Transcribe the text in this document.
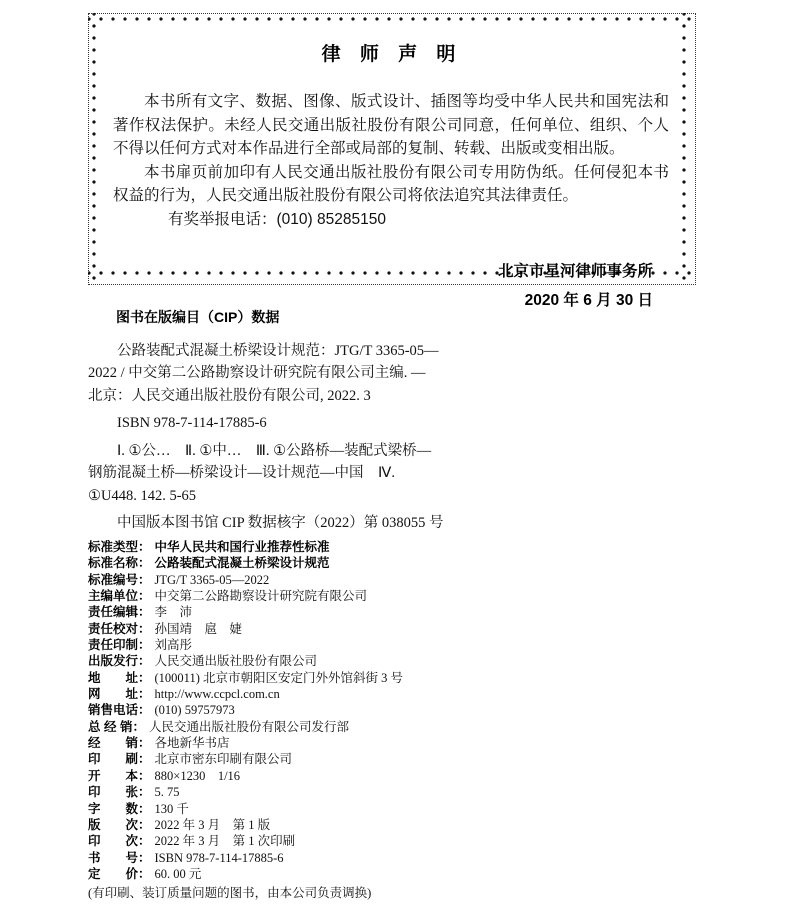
律 师 声 明

本书所有文字、数据、图像、版式设计、插图等均受中华人民共和国宪法和著作权法保护。未经人民交通出版社股份有限公司同意，任何单位、组织、个人不得以任何方式对本作品进行全部或局部的复制、转载、出版或变相出版。

本书扉页前加印有人民交通出版社股份有限公司专用防伪纸。任何侵犯本书权益的行为，人民交通出版社股份有限公司将依法追究其法律责任。

有奖举报电话：(010) 85285150
北京市星河律师事务所
2020 年 6 月 30 日
图书在版编目（CIP）数据
公路装配式混凝土桥梁设计规范：JTG/T 3365-05—
2022 / 中交第二公路勘察设计研究院有限公司主编. —
北京：人民交通出版社股份有限公司, 2022. 3
ISBN 978-7-114-17885-6
Ⅰ. ①公…　Ⅱ. ①中…　Ⅲ. ①公路桥—装配式梁桥—
钢筋混凝土桥—桥梁设计—设计规范—中国　Ⅳ.
①U448. 142. 5-65
中国版本图书馆 CIP 数据核字（2022）第 038055 号
标准类型： 中华人民共和国行业推荐性标准
标准名称： 公路装配式混凝土桥梁设计规范
标准编号： JTG/T 3365-05—2022
主编单位： 中交第二公路勘察设计研究院有限公司
责任编辑： 李　沛
责任校对： 孙国靖　扈　婕
责任印制： 刘高彤
出版发行： 人民交通出版社股份有限公司
地　　址： (100011) 北京市朝阳区安定门外外馆斜街 3 号
网　　址： http://www.ccpcl.com.cn
销售电话： (010) 59757973
总 经 销： 人民交通出版社股份有限公司发行部
经　　销： 各地新华书店
印　　刷： 北京市密东印刷有限公司
开　　本： 880×1230　1/16
印　　张： 5. 75
字　　数： 130 千
版　　次： 2022 年 3 月　第 1 版
印　　次： 2022 年 3 月　第 1 次印刷
书　　号： ISBN 978-7-114-17885-6
定　　价： 60. 00 元
(有印刷、装订质量问题的图书，由本公司负责调换)
